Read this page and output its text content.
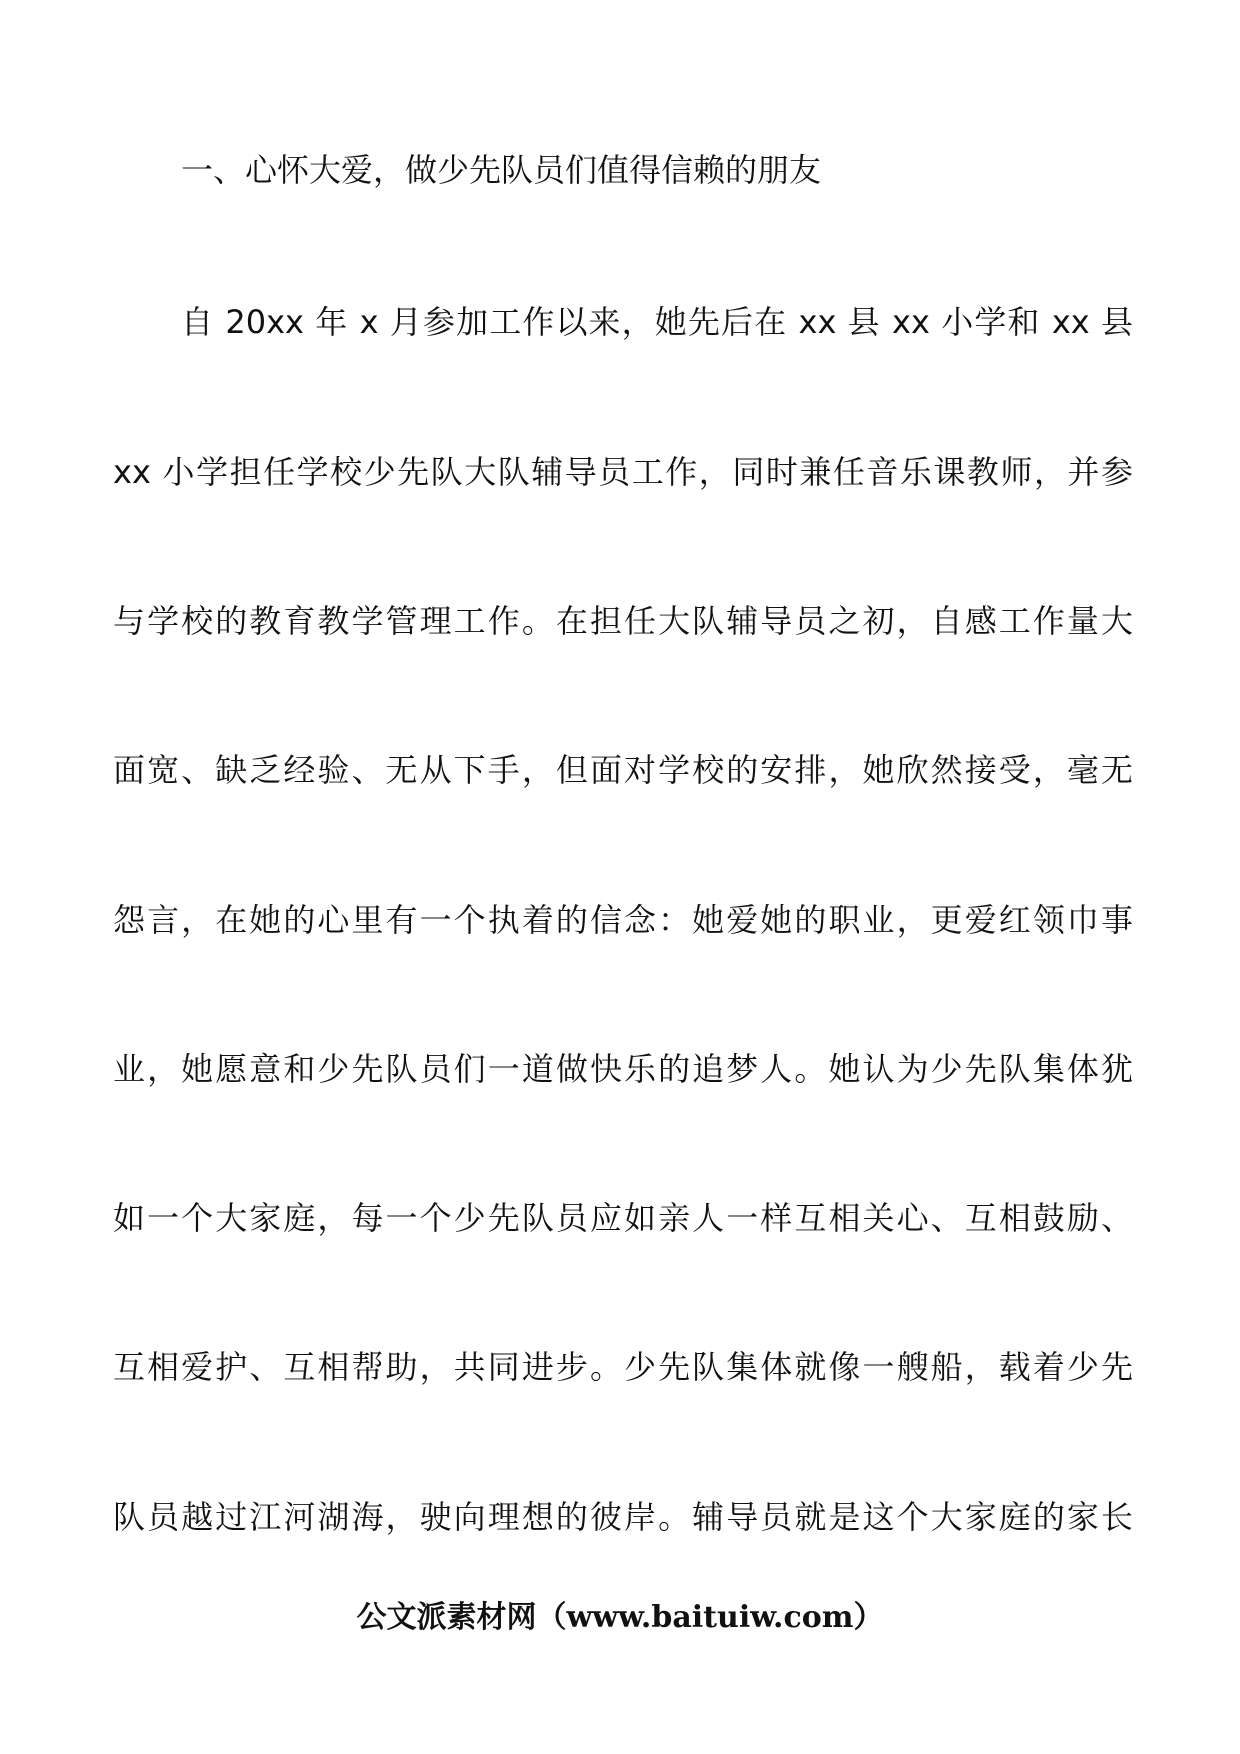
一、心怀大爱，做少先队员们值得信赖的朋友
自 20xx 年 x 月参加工作以来，她先后在 xx 县 xx 小学和 xx 县
xx 小学担任学校少先队大队辅导员工作，同时兼任音乐课教师，并参
与学校的教育教学管理工作。在担任大队辅导员之初，自感工作量大
面宽、缺乏经验、无从下手，但面对学校的安排，她欣然接受，毫无
怨言，在她的心里有一个执着的信念：她爱她的职业，更爱红领巾事
业，她愿意和少先队员们一道做快乐的追梦人。她认为少先队集体犹
如一个大家庭，每一个少先队员应如亲人一样互相关心、互相鼓励、
互相爱护、互相帮助，共同进步。少先队集体就像一艘船，载着少先
队员越过江河湖海，驶向理想的彼岸。辅导员就是这个大家庭的家长
公文派素材网（www.baituiw.com）
